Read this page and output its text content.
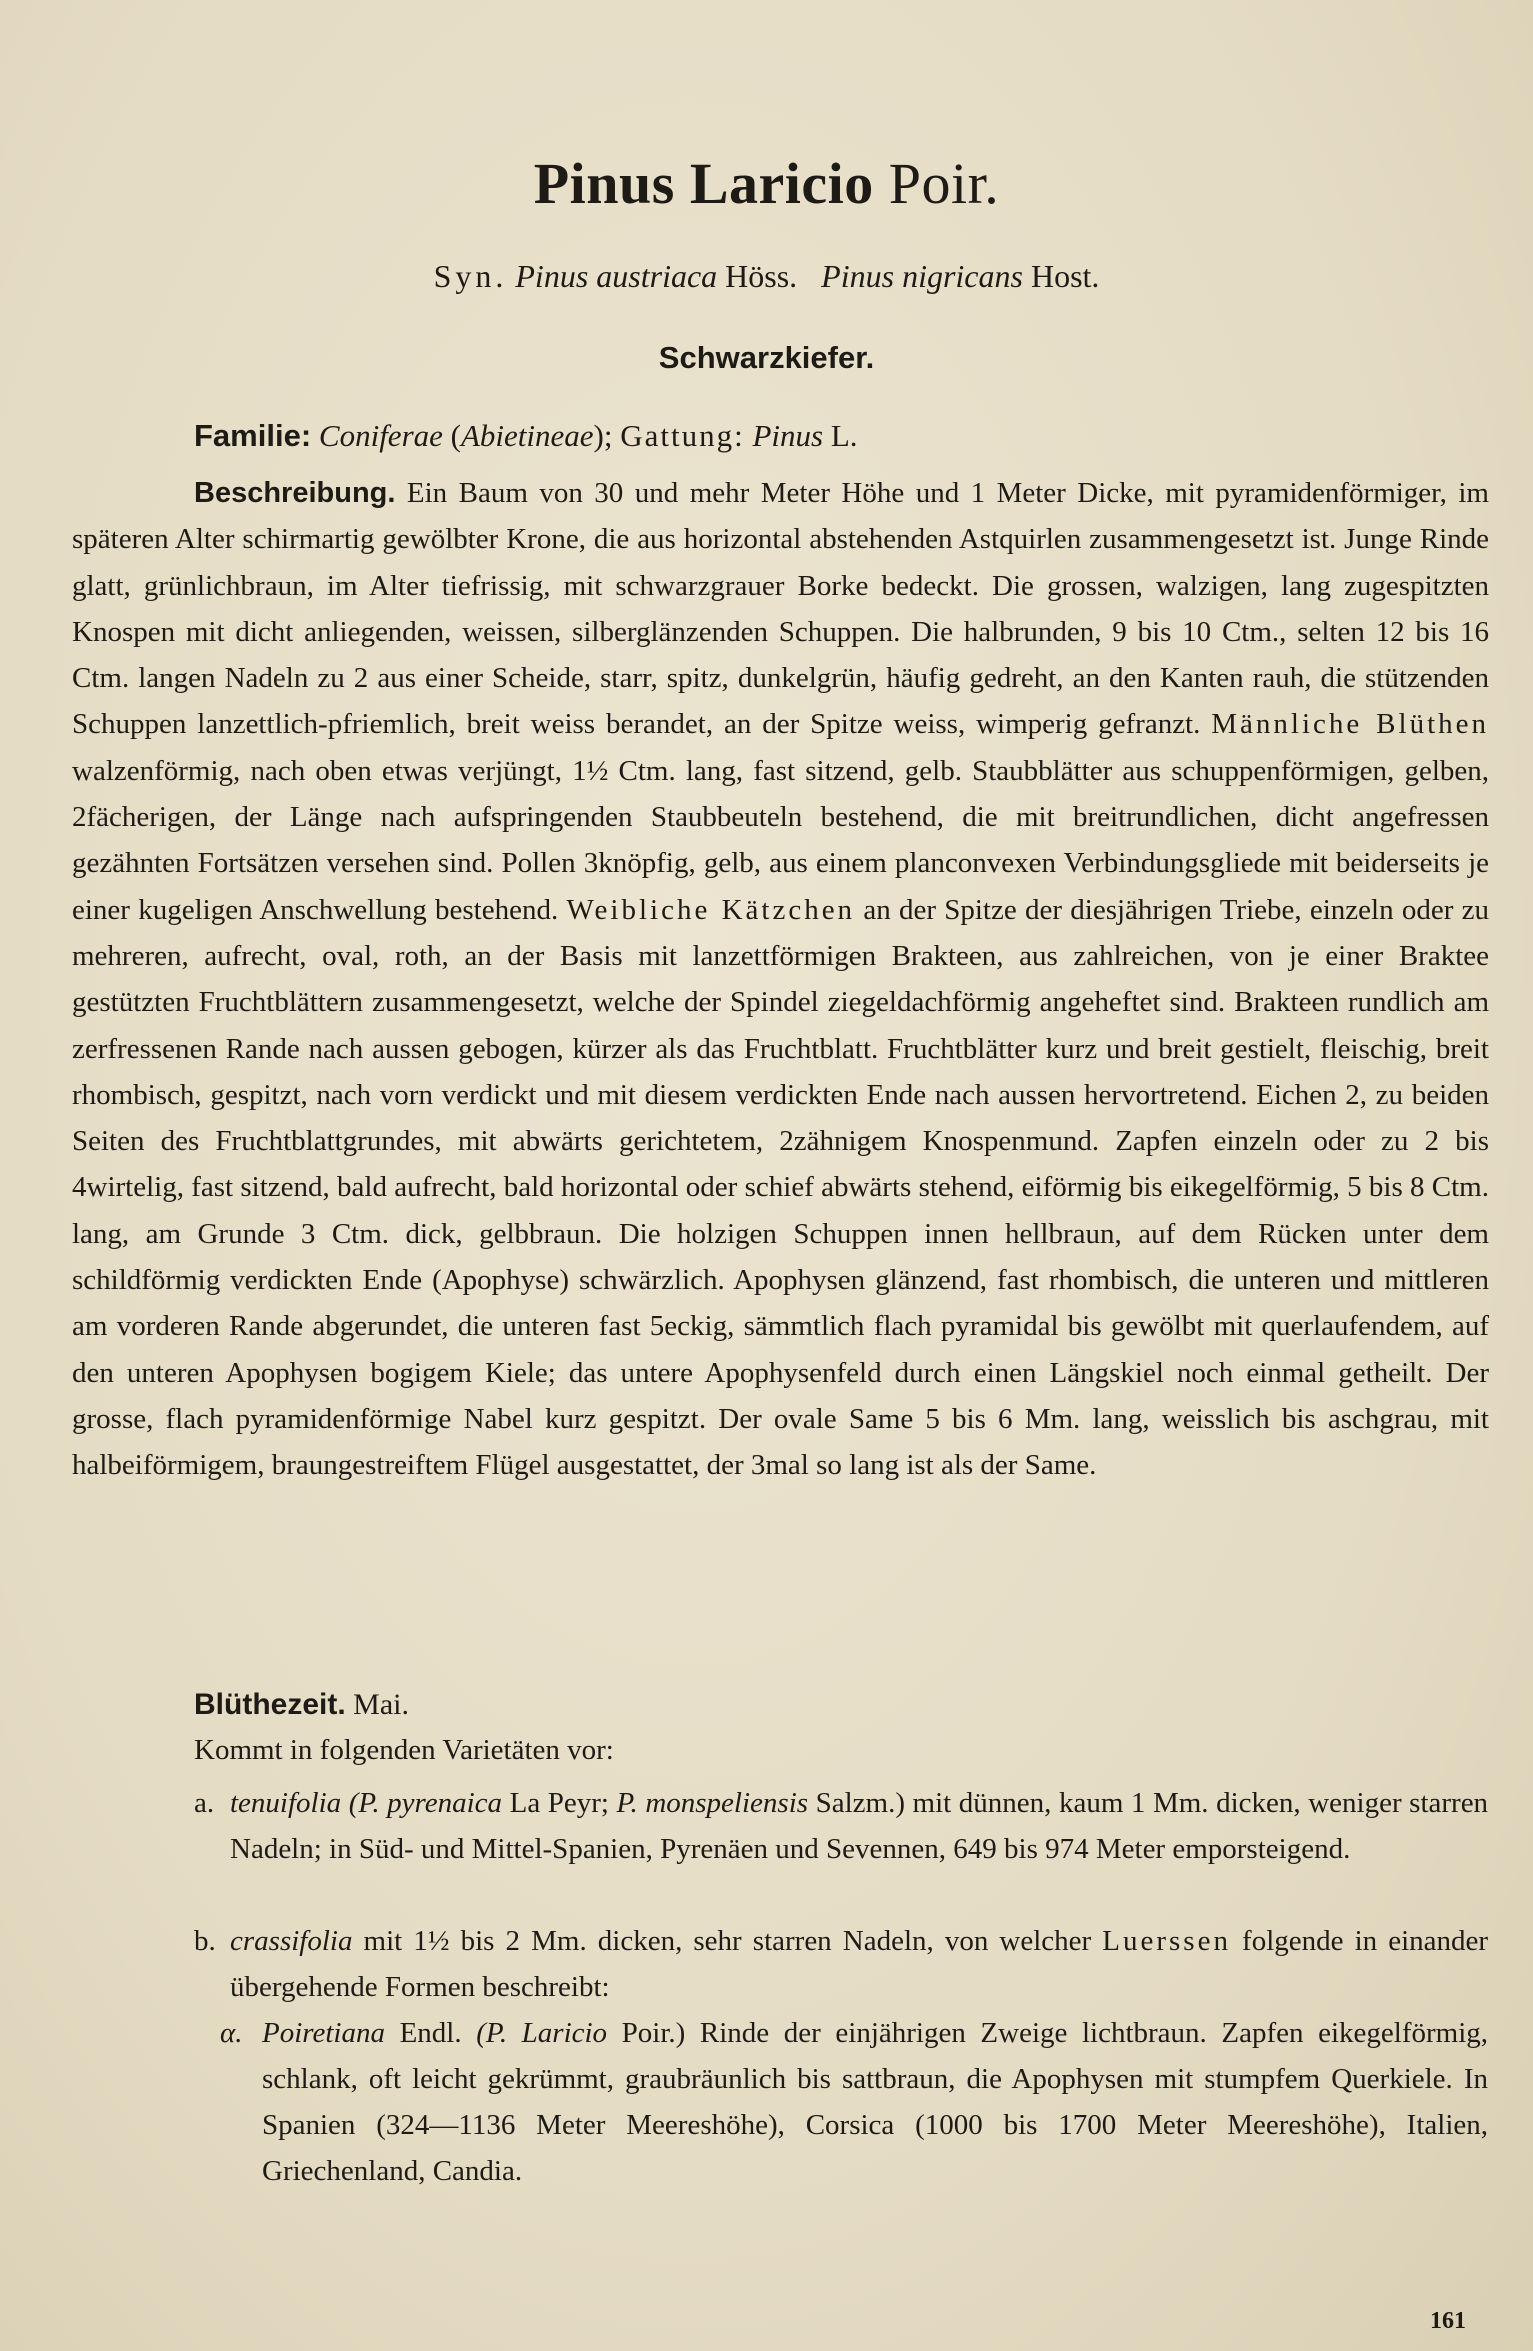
Pinus Laricio Poir.
Syn. Pinus austriaca Höss. Pinus nigricans Host.
Schwarzkiefer.
Familie: Coniferae (Abietineae); Gattung: Pinus L.

Beschreibung. Ein Baum von 30 und mehr Meter Höhe und 1 Meter Dicke, mit pyramidenförmiger, im späteren Alter schirmartig gewölbter Krone, die aus horizontal abstehenden Astquirlen zusammengesetzt ist. Junge Rinde glatt, grünlichbraun, im Alter tiefrissig, mit schwarzgrauer Borke bedeckt. Die grossen, walzigen, lang zugespitzten Knospen mit dicht anliegenden, weissen, silberglänzenden Schuppen. Die halbrunden, 9 bis 10 Ctm., selten 12 bis 16 Ctm. langen Nadeln zu 2 aus einer Scheide, starr, spitz, dunkelgrün, häufig gedreht, an den Kanten rauh, die stützenden Schuppen lanzettlich-pfriemlich, breit weiss berandet, an der Spitze weiss, wimperig gefranzt. Männliche Blüthen walzenförmig, nach oben etwas verjüngt, 1½ Ctm. lang, fast sitzend, gelb. Staubblätter aus schuppenförmigen, gelben, 2fächerigen, der Länge nach aufspringenden Staubbeuteln bestehend, die mit breitrundlichen, dicht angefressen gezähnten Fortsätzen versehen sind. Pollen 3knöpfig, gelb, aus einem planconvexen Verbindungsgliede mit beiderseits je einer kugeligen Anschwellung bestehend. Weibliche Kätzchen an der Spitze der diesjährigen Triebe, einzeln oder zu mehreren, aufrecht, oval, roth, an der Basis mit lanzettförmigen Brakteen, aus zahlreichen, von je einer Braktee gestützten Fruchtblättern zusammengesetzt, welche der Spindel ziegeldachförmig angeheftet sind. Brakteen rundlich am zerfressenen Rande nach aussen gebogen, kürzer als das Fruchtblatt. Fruchtblätter kurz und breit gestielt, fleischig, breit rhombisch, gespitzt, nach vorn verdickt und mit diesem verdickten Ende nach aussen hervortretend. Eichen 2, zu beiden Seiten des Fruchtblattgrundes, mit abwärts gerichtetem, 2zähnigem Knospenmund. Zapfen einzeln oder zu 2 bis 4wirtelig, fast sitzend, bald aufrecht, bald horizontal oder schief abwärts stehend, eiförmig bis eikegelförmig, 5 bis 8 Ctm. lang, am Grunde 3 Ctm. dick, gelbbraun. Die holzigen Schuppen innen hellbraun, auf dem Rücken unter dem schildförmig verdickten Ende (Apophyse) schwärzlich. Apophysen glänzend, fast rhombisch, die unteren und mittleren am vorderen Rande abgerundet, die unteren fast 5eckig, sämmtlich flach pyramidal bis gewölbt mit querlaufendem, auf den unteren Apophysen bogigem Kiele; das untere Apophysenfeld durch einen Längskiel noch einmal getheilt. Der grosse, flach pyramidenförmige Nabel kurz gespitzt. Der ovale Same 5 bis 6 Mm. lang, weisslich bis aschgrau, mit halbeiförmigem, braungestreiftem Flügel ausgestattet, der 3mal so lang ist als der Same.

Blüthezeit. Mai.
Kommt in folgenden Varietäten vor:
a. tenuifolia (P. pyrenaica La Peyr; P. monspeliensis Salzm.) mit dünnen, kaum 1 Mm. dicken, weniger starren Nadeln; in Süd- und Mittel-Spanien, Pyrenäen und Sevennen, 649 bis 974 Meter emporsteigend.
b. crassifolia mit 1½ bis 2 Mm. dicken, sehr starren Nadeln, von welcher Luerssen folgende in einander übergehende Formen beschreibt:
α. Poiretiana Endl. (P. Laricio Poir.) Rinde der einjährigen Zweige lichtbraun. Zapfen eikegelförmig, schlank, oft leicht gekrümmt, graubräunlich bis sattbraun, die Apophysen mit stumpfem Querkiele. In Spanien (324—1136 Meter Meereshöhe), Corsica (1000 bis 1700 Meter Meereshöhe), Italien, Griechenland, Candia.
161
